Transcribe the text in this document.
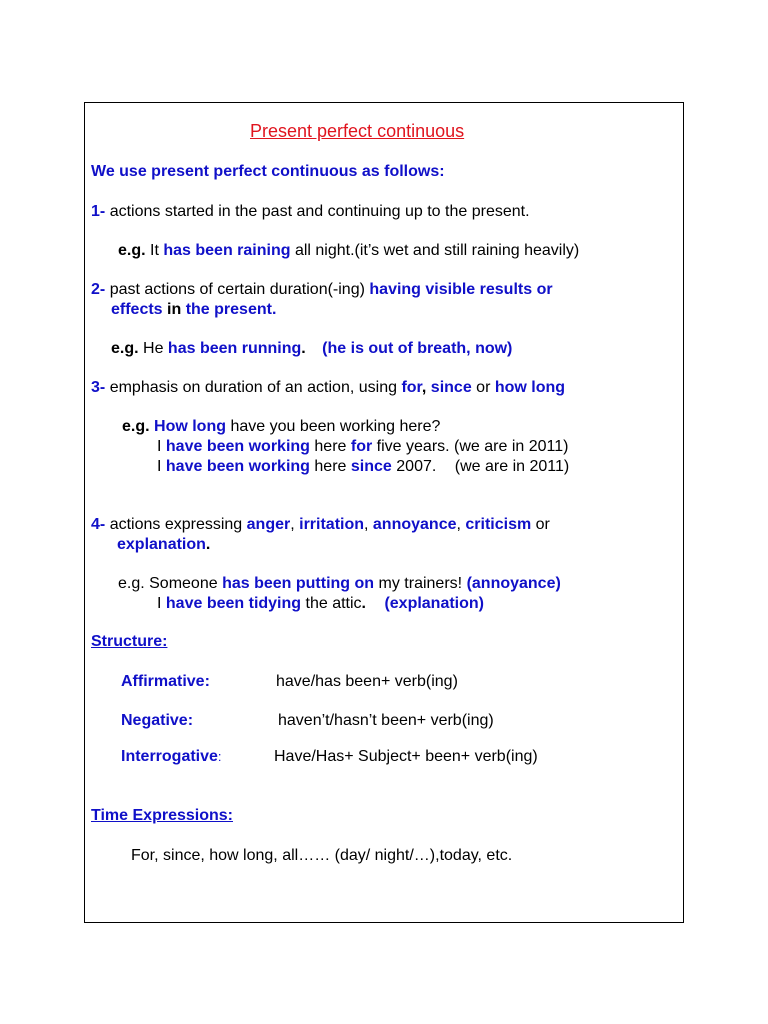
Present perfect continuous
We use present perfect continuous as follows:
1- actions started in the past and continuing up to the present.
e.g. It has been raining all night.(it’s wet and still raining heavily)
2- past actions of certain duration(-ing) having visible results or
effects in the present.
e.g. He has been running. (he is out of breath, now)
3- emphasis on duration of an action, using for, since or how long
e.g. How long have you been working here?
I have been working here for five years. (we are in 2011)
I have been working here since 2007. (we are in 2011)
4- actions expressing anger, irritation, annoyance, criticism or
explanation.
e.g. Someone has been putting on my trainers! (annoyance)
I have been tidying the attic. (explanation)
Structure:
Affirmative:	have/has been+ verb(ing)
Negative:	haven’t/hasn’t been+ verb(ing)
Interrogative:	Have/Has+ Subject+ been+ verb(ing)
Time Expressions:
For, since, how long, all…… (day/ night/…),today, etc.
